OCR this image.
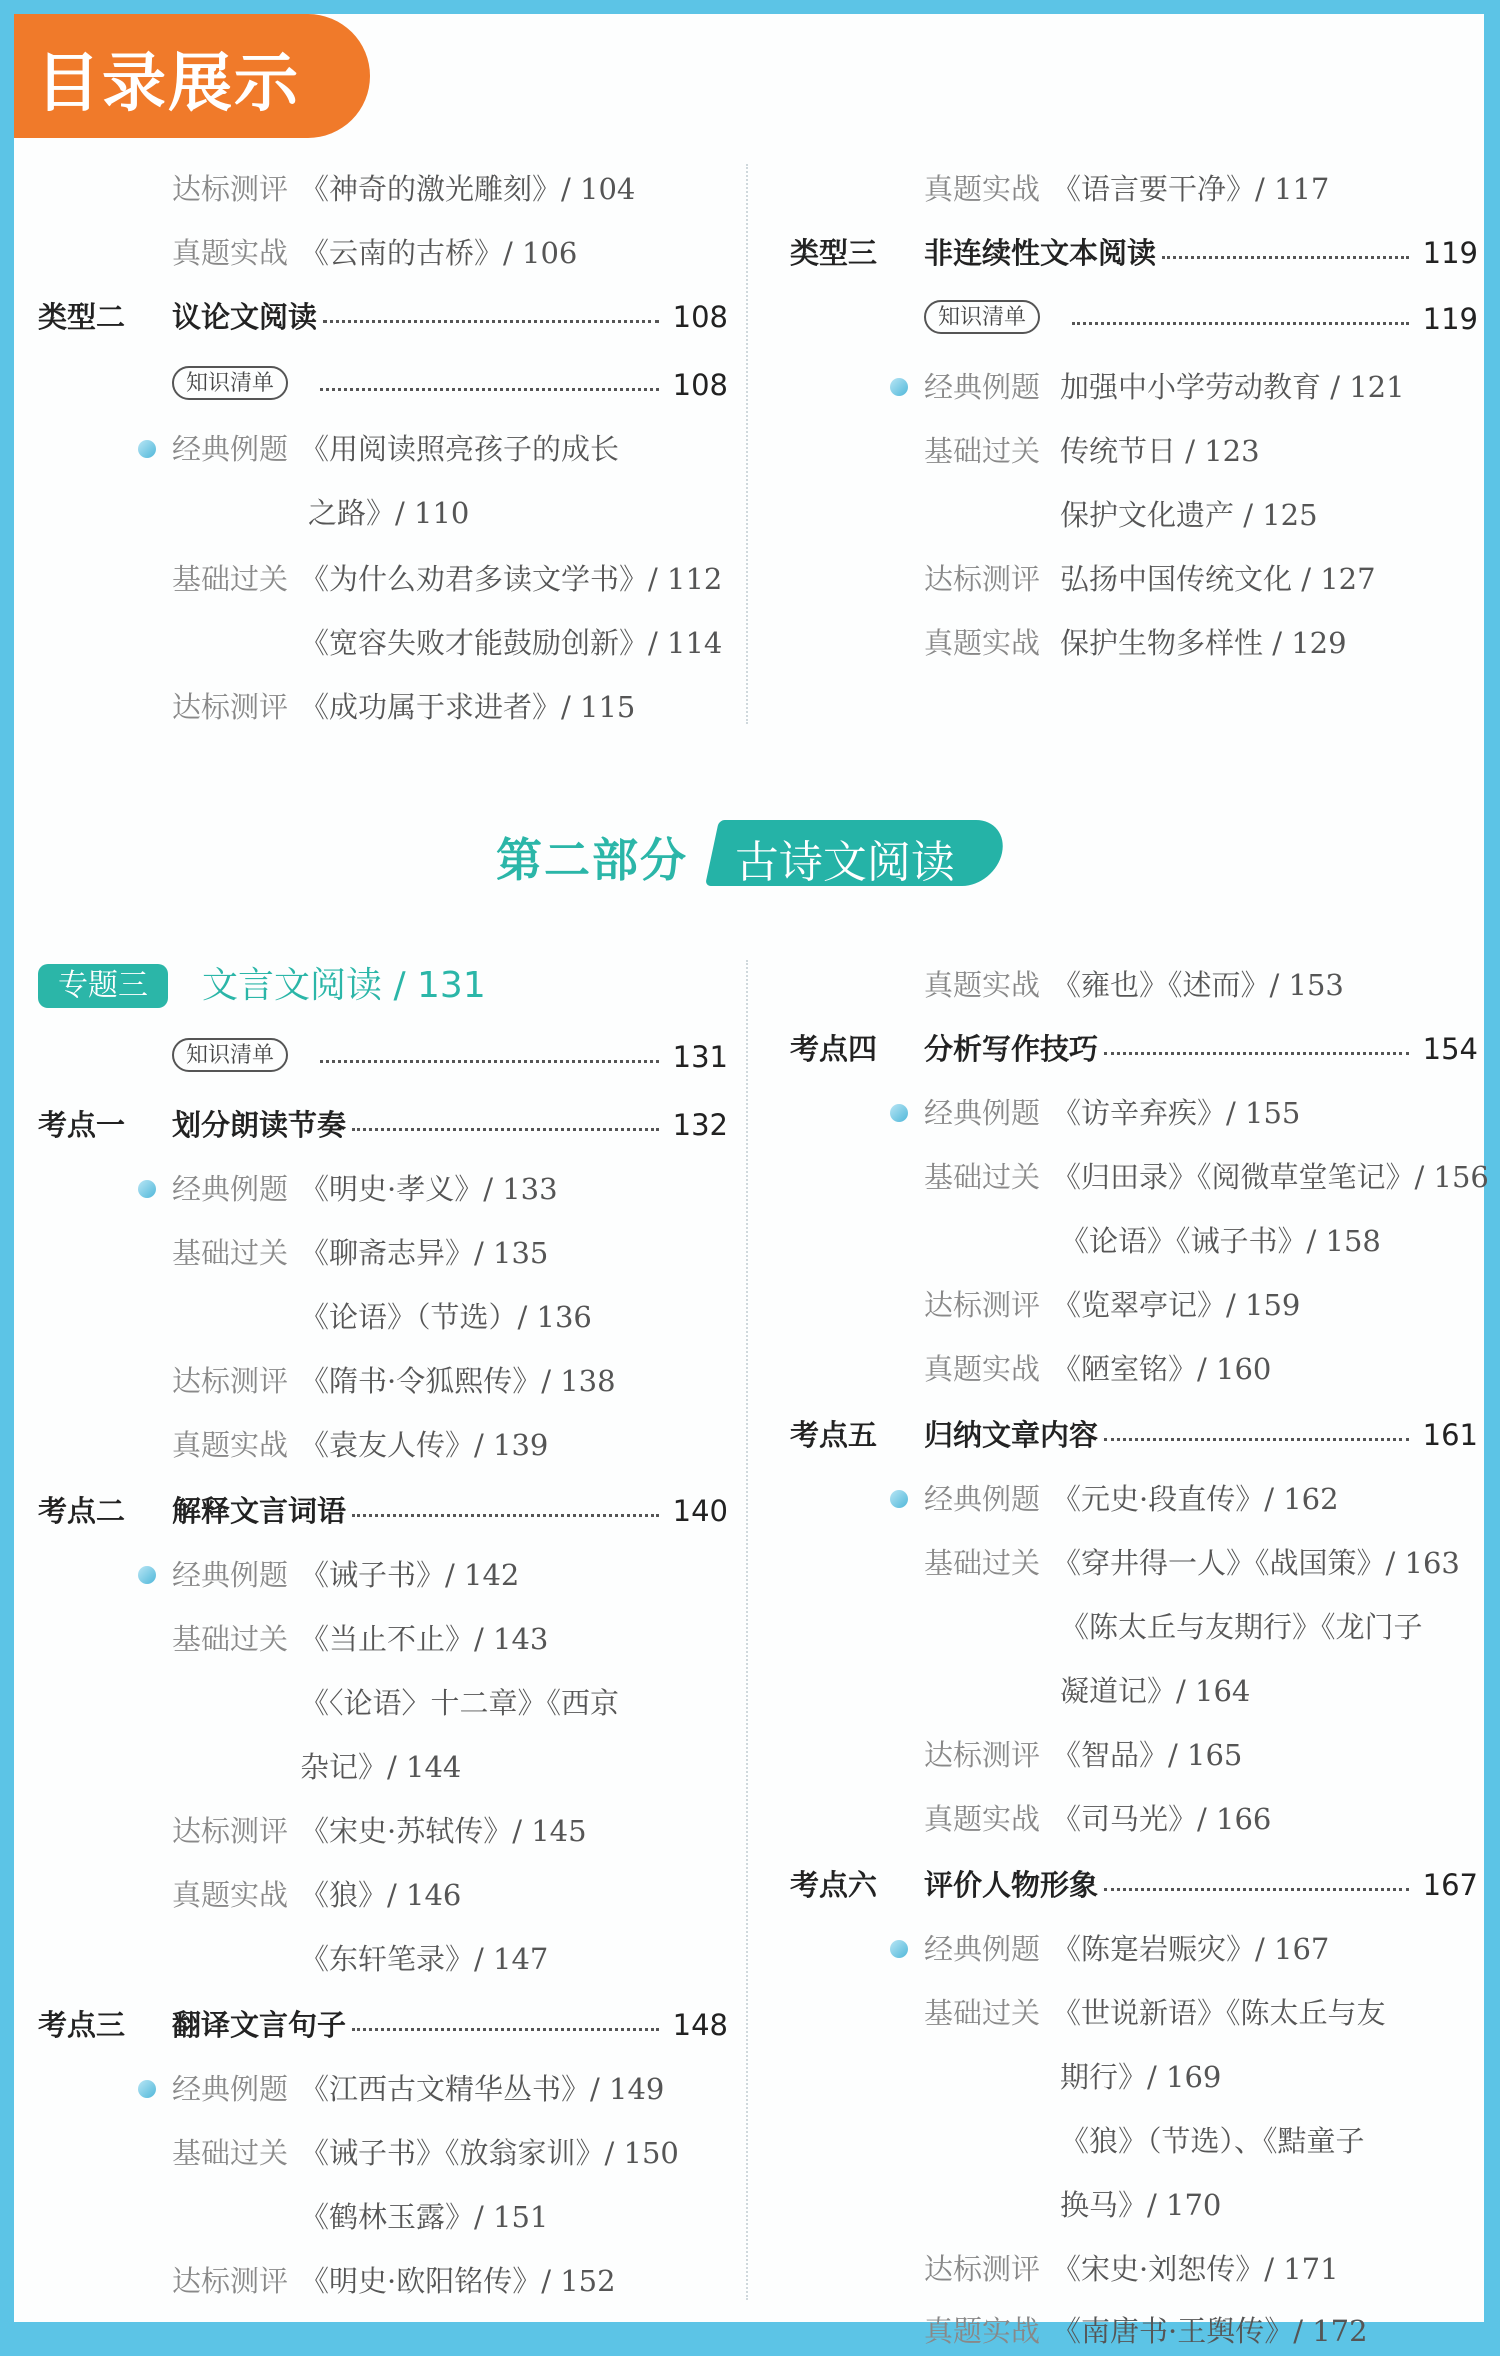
目录展示
达标测评 《神奇的激光雕刻》/ 104
真题实战 《云南的古桥》/ 106
类型二 议论文阅读	108
知识清单	108
经典例题 《用阅读照亮孩子的成长
之路》/ 110
基础过关 《为什么劝君多读文学书》/ 112
《宽容失败才能鼓励创新》/ 114
达标测评 《成功属于求进者》/ 115
真题实战 《语言要干净》/ 117
类型三 非连续性文本阅读	119
知识清单	119
经典例题 加强中小学劳动教育 / 121
基础过关 传统节日 / 123
保护文化遗产 / 125
达标测评 弘扬中国传统文化 / 127
真题实战 保护生物多样性 / 129
第二部分 古诗文阅读
专题三	文言文阅读 / 131
知识清单	131
考点一 划分朗读节奏	132
经典例题 《明史·孝义》/ 133
基础过关 《聊斋志异》/ 135
《论语》（节选）/ 136
达标测评 《隋书·令狐熙传》/ 138
真题实战 《袁友人传》/ 139
考点二 解释文言词语	140
经典例题 《诫子书》/ 142
基础过关 《当止不止》/ 143
《〈论语〉十二章》《西京
杂记》/ 144
达标测评 《宋史·苏轼传》/ 145
真题实战 《狼》/ 146
《东轩笔录》/ 147
考点三 翻译文言句子	148
经典例题 《江西古文精华丛书》/ 149
基础过关 《诫子书》《放翁家训》/ 150
《鹤林玉露》/ 151
达标测评 《明史·欧阳铭传》/ 152
真题实战 《雍也》《述而》/ 153
考点四 分析写作技巧	154
经典例题 《访辛弃疾》/ 155
基础过关 《归田录》《阅微草堂笔记》/ 156
《论语》《诫子书》/ 158
达标测评 《览翠亭记》/ 159
真题实战 《陋室铭》/ 160
考点五 归纳文章内容	161
经典例题 《元史·段直传》/ 162
基础过关 《穿井得一人》《战国策》/ 163
《陈太丘与友期行》《龙门子
凝道记》/ 164
达标测评 《智品》/ 165
真题实战 《司马光》/ 166
考点六 评价人物形象	167
经典例题 《陈寔岩赈灾》/ 167
基础过关 《世说新语》《陈太丘与友
期行》/ 169
《狼》（节选）、《黠童子
换马》/ 170
达标测评 《宋史·刘恕传》/ 171
真题实战 《南唐书·王舆传》/ 172
